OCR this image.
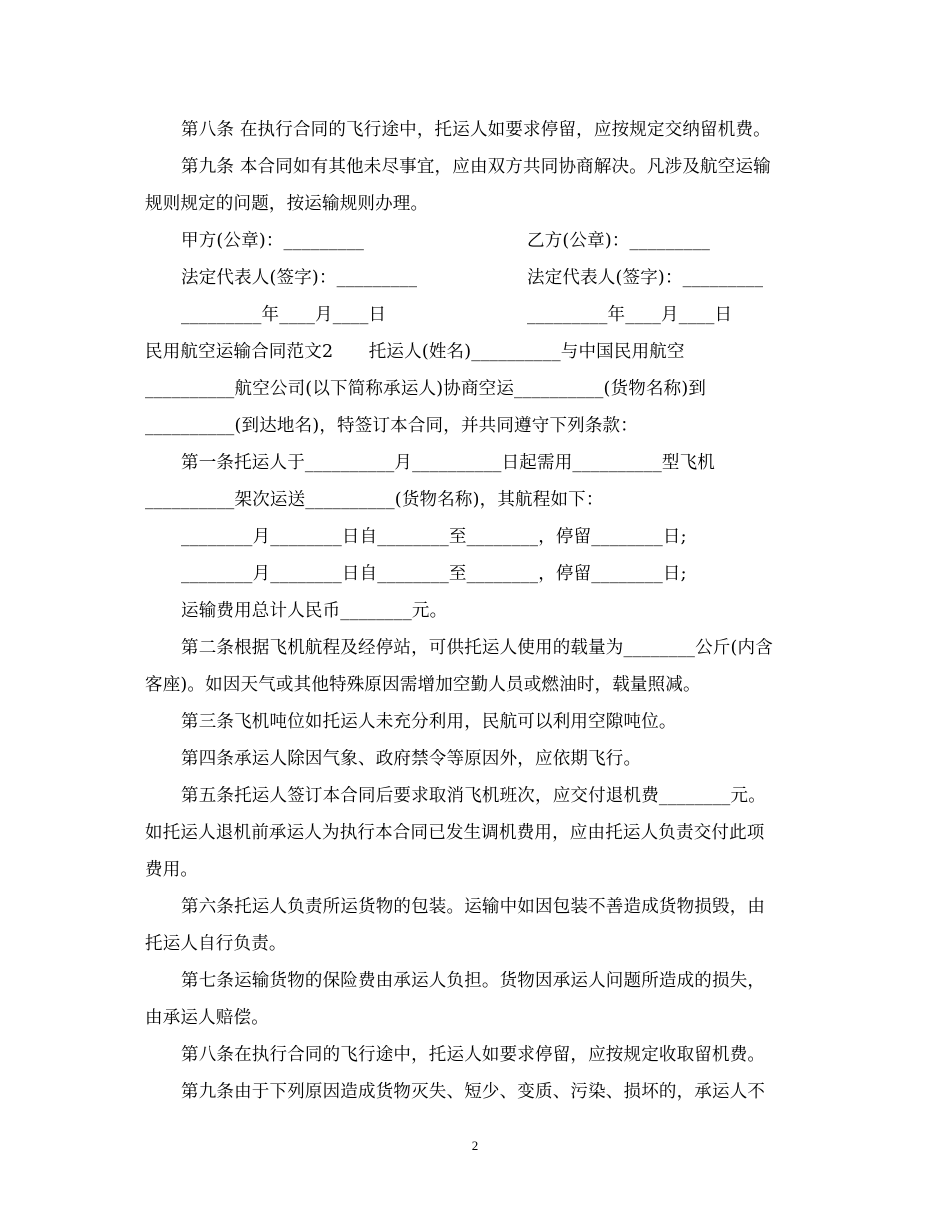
第八条 在执行合同的飞行途中，托运人如要求停留，应按规定交纳留机费。
第九条 本合同如有其他未尽事宜，应由双方共同协商解决。凡涉及航空运输
规则规定的问题，按运输规则办理。
甲方(公章)：_________	乙方(公章)：_________
法定代表人(签字)：_________	法定代表人(签字)：_________
_________年____月____日	_________年____月____日
民用航空运输合同范文2　　托运人(姓名)__________与中国民用航空
__________航空公司(以下简称承运人)协商空运__________(货物名称)到
__________(到达地名)，特签订本合同，并共同遵守下列条款：
第一条托运人于__________月__________日起需用__________型飞机
__________架次运送__________(货物名称)，其航程如下：
________月________日自________至________，停留________日;
________月________日自________至________，停留________日;
运输费用总计人民币________元。
第二条根据飞机航程及经停站，可供托运人使用的载量为________公斤(内含
客座)。如因天气或其他特殊原因需增加空勤人员或燃油时，载量照减。
第三条飞机吨位如托运人未充分利用，民航可以利用空隙吨位。
第四条承运人除因气象、政府禁令等原因外，应依期飞行。
第五条托运人签订本合同后要求取消飞机班次，应交付退机费________元。
如托运人退机前承运人为执行本合同已发生调机费用，应由托运人负责交付此项
费用。
第六条托运人负责所运货物的包装。运输中如因包装不善造成货物损毁，由
托运人自行负责。
第七条运输货物的保险费由承运人负担。货物因承运人问题所造成的损失，
由承运人赔偿。
第八条在执行合同的飞行途中，托运人如要求停留，应按规定收取留机费。
第九条由于下列原因造成货物灭失、短少、变质、污染、损坏的，承运人不
2
